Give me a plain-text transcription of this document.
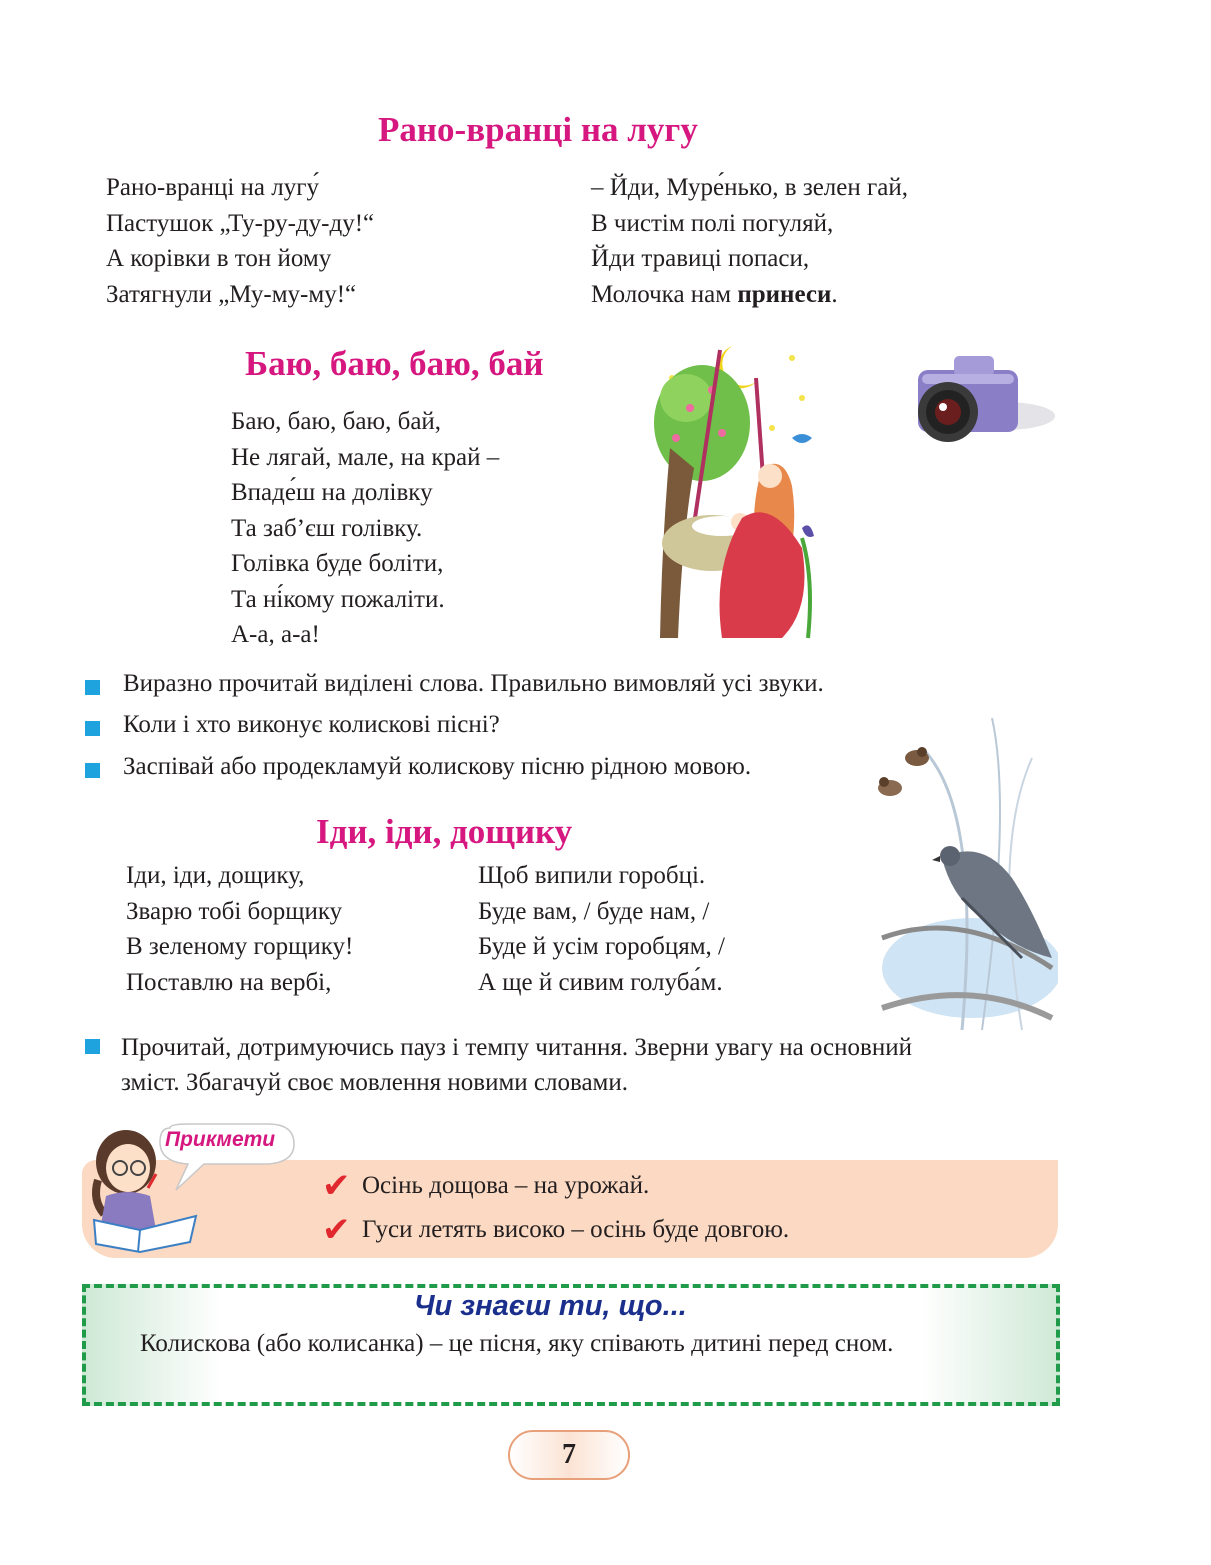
Рано-вранці на лугу
Рано-вранці на лугу́
Пастушок „Ту-ру-ду-ду!“
А корівки в тон йому
Затягнули „Му-му-му!“
– Йди, Муре́нько, в зелен гай,
В чистім полі погуляй,
Йди травиці попаси,
Молочка нам принеси.
Баю, баю, баю, бай
Баю, баю, баю, бай,
Не лягай, мале, на край –
Впаде́ш на долівку
Та заб’єш голівку.
Голівка буде боліти,
Та ні́кому пожаліти.
А-а, а-а!
Виразно прочитай виділені слова. Правильно вимовляй усі звуки.
Коли і хто виконує колискові пісні?
Заспівай або продекламуй колискову пісню рідною мовою.
Іди, іди, дощику
Іди, іди, дощику,
Зварю тобі борщику
В зеленому горщику!
Поставлю на вербі,
Щоб випили горобці.
Буде вам, / буде нам, /
Буде й усім горобцям, /
А ще й сивим голуба́м.
Прочитай, дотримуючись пауз і темпу читання. Зверни увагу на основний
зміст. Збагачуй своє мовлення новими словами.
Прикмети
✔ Осінь дощова – на урожай.
✔ Гуси летять високо – осінь буде довгою.
Чи знаєш ти, що...
Колискова (або колисанка) – це пісня, яку співають дитині перед сном.
7
